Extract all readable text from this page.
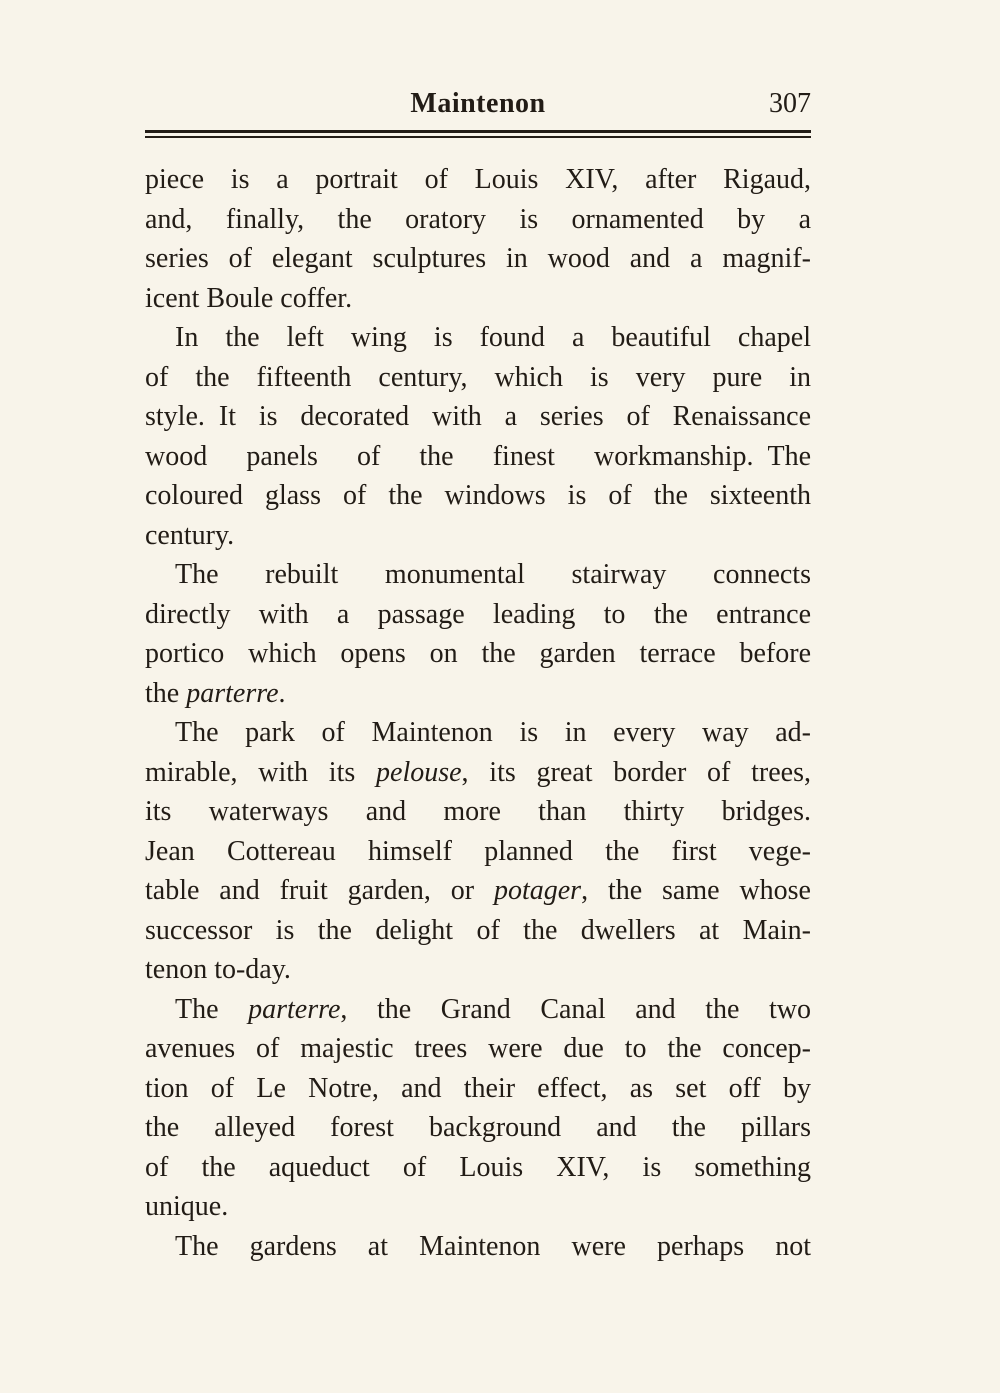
Maintenon	307
piece is a portrait of Louis XIV, after Rigaud,
and, finally, the oratory is ornamented by a
series of elegant sculptures in wood and a magnif-
icent Boule coffer.
In the left wing is found a beautiful chapel
of the fifteenth century, which is very pure in
style. It is decorated with a series of Renaissance
wood panels of the finest workmanship. The
coloured glass of the windows is of the sixteenth
century.
The rebuilt monumental stairway connects
directly with a passage leading to the entrance
portico which opens on the garden terrace before
the parterre.
The park of Maintenon is in every way ad-
mirable, with its pelouse, its great border of trees,
its waterways and more than thirty bridges.
Jean Cottereau himself planned the first vege-
table and fruit garden, or potager, the same whose
successor is the delight of the dwellers at Main-
tenon to-day.
The parterre, the Grand Canal and the two
avenues of majestic trees were due to the concep-
tion of Le Notre, and their effect, as set off by
the alleyed forest background and the pillars
of the aqueduct of Louis XIV, is something
unique.
The gardens at Maintenon were perhaps not
